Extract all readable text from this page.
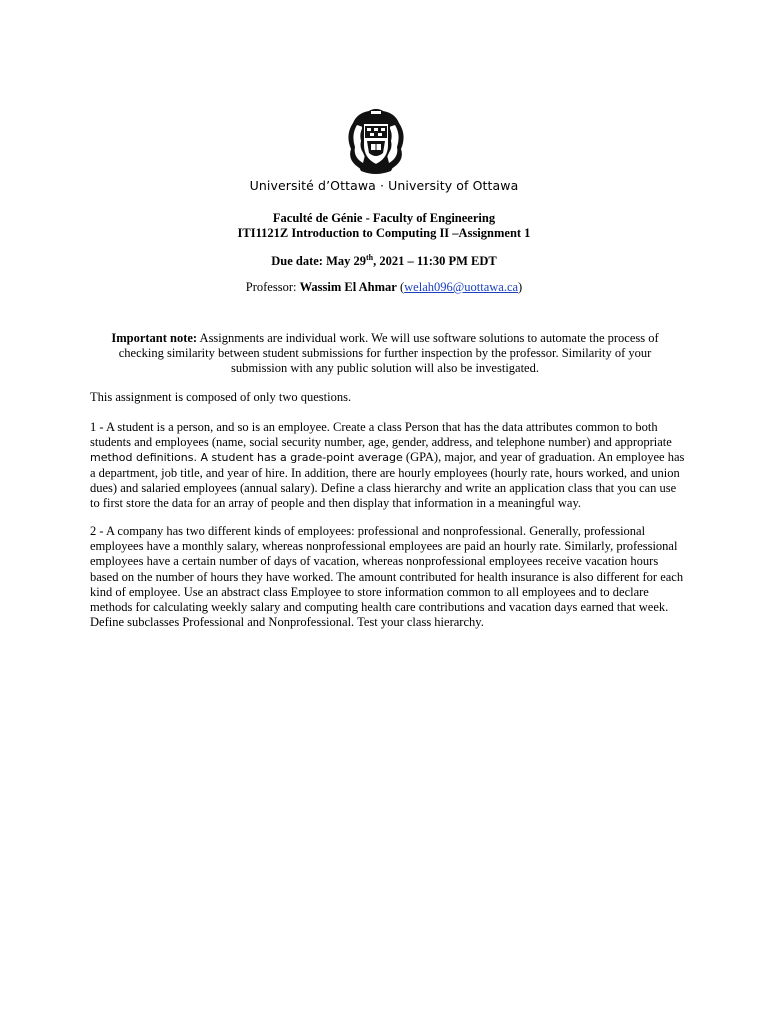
Université d’Ottawa · University of Ottawa
Faculté de Génie - Faculty of Engineering
ITI1121Z Introduction to Computing II –Assignment 1
Due date: May 29th, 2021 – 11:30 PM EDT
Professor: Wassim El Ahmar (welah096@uottawa.ca)
Important note: Assignments are individual work. We will use software solutions to automate the process of checking similarity between student submissions for further inspection by the professor. Similarity of your submission with any public solution will also be investigated.
This assignment is composed of only two questions.
1 - A student is a person, and so is an employee. Create a class Person that has the data attributes common to both students and employees (name, social security number, age, gender, address, and telephone number) and appropriate method definitions. A student has a grade-point average (GPA), major, and year of graduation. An employee has a department, job title, and year of hire. In addition, there are hourly employees (hourly rate, hours worked, and union dues) and salaried employees (annual salary). Define a class hierarchy and write an application class that you can use to first store the data for an array of people and then display that information in a meaningful way.
2 - A company has two different kinds of employees: professional and nonprofessional. Generally, professional employees have a monthly salary, whereas nonprofessional employees are paid an hourly rate. Similarly, professional employees have a certain number of days of vacation, whereas nonprofessional employees receive vacation hours based on the number of hours they have worked. The amount contributed for health insurance is also different for each kind of employee. Use an abstract class Employee to store information common to all employees and to declare methods for calculating weekly salary and computing health care contributions and vacation days earned that week. Define subclasses Professional and Nonprofessional. Test your class hierarchy.
